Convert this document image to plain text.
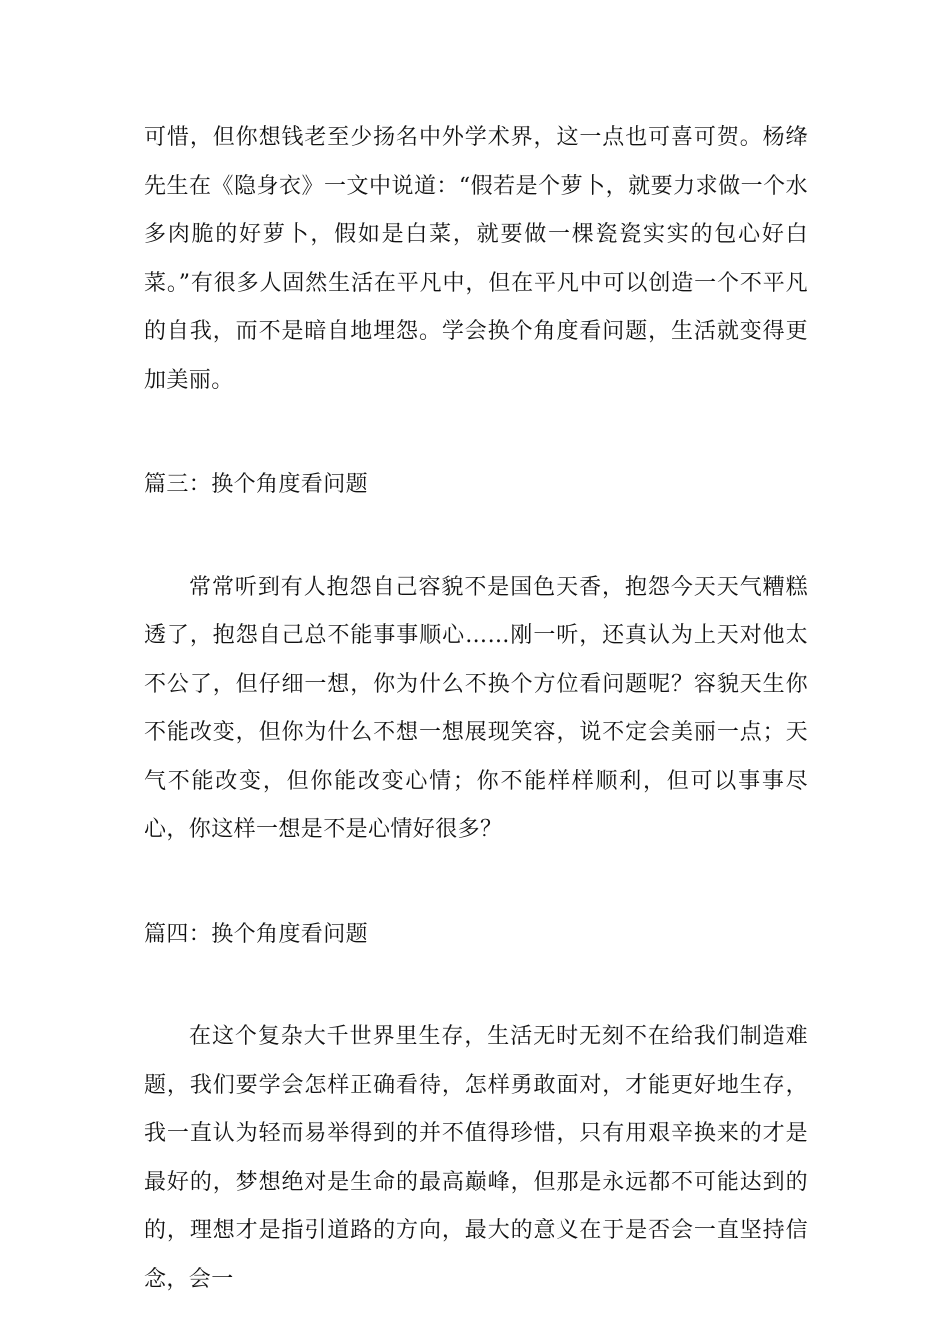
可惜，但你想钱老至少扬名中外学术界，这一点也可喜可贺。杨绛先生在《隐身衣》一文中说道：“假若是个萝卜，就要力求做一个水多肉脆的好萝卜，假如是白菜，就要做一棵瓷瓷实实的包心好白菜。”有很多人固然生活在平凡中，但在平凡中可以创造一个不平凡的自我，而不是暗自地埋怨。学会换个角度看问题，生活就变得更加美丽。

篇三：换个角度看问题

常常听到有人抱怨自己容貌不是国色天香，抱怨今天天气糟糕透了，抱怨自己总不能事事顺心……刚一听，还真认为上天对他太不公了，但仔细一想，你为什么不换个方位看问题呢？容貌天生你不能改变，但你为什么不想一想展现笑容，说不定会美丽一点；天气不能改变，但你能改变心情；你不能样样顺利，但可以事事尽心，你这样一想是不是心情好很多？

篇四：换个角度看问题

在这个复杂大千世界里生存，生活无时无刻不在给我们制造难题，我们要学会怎样正确看待，怎样勇敢面对，才能更好地生存，我一直认为轻而易举得到的并不值得珍惜，只有用艰辛换来的才是最好的，梦想绝对是生命的最高巅峰，但那是永远都不可能达到的的，理想才是指引道路的方向，最大的意义在于是否会一直坚持信念，会一
